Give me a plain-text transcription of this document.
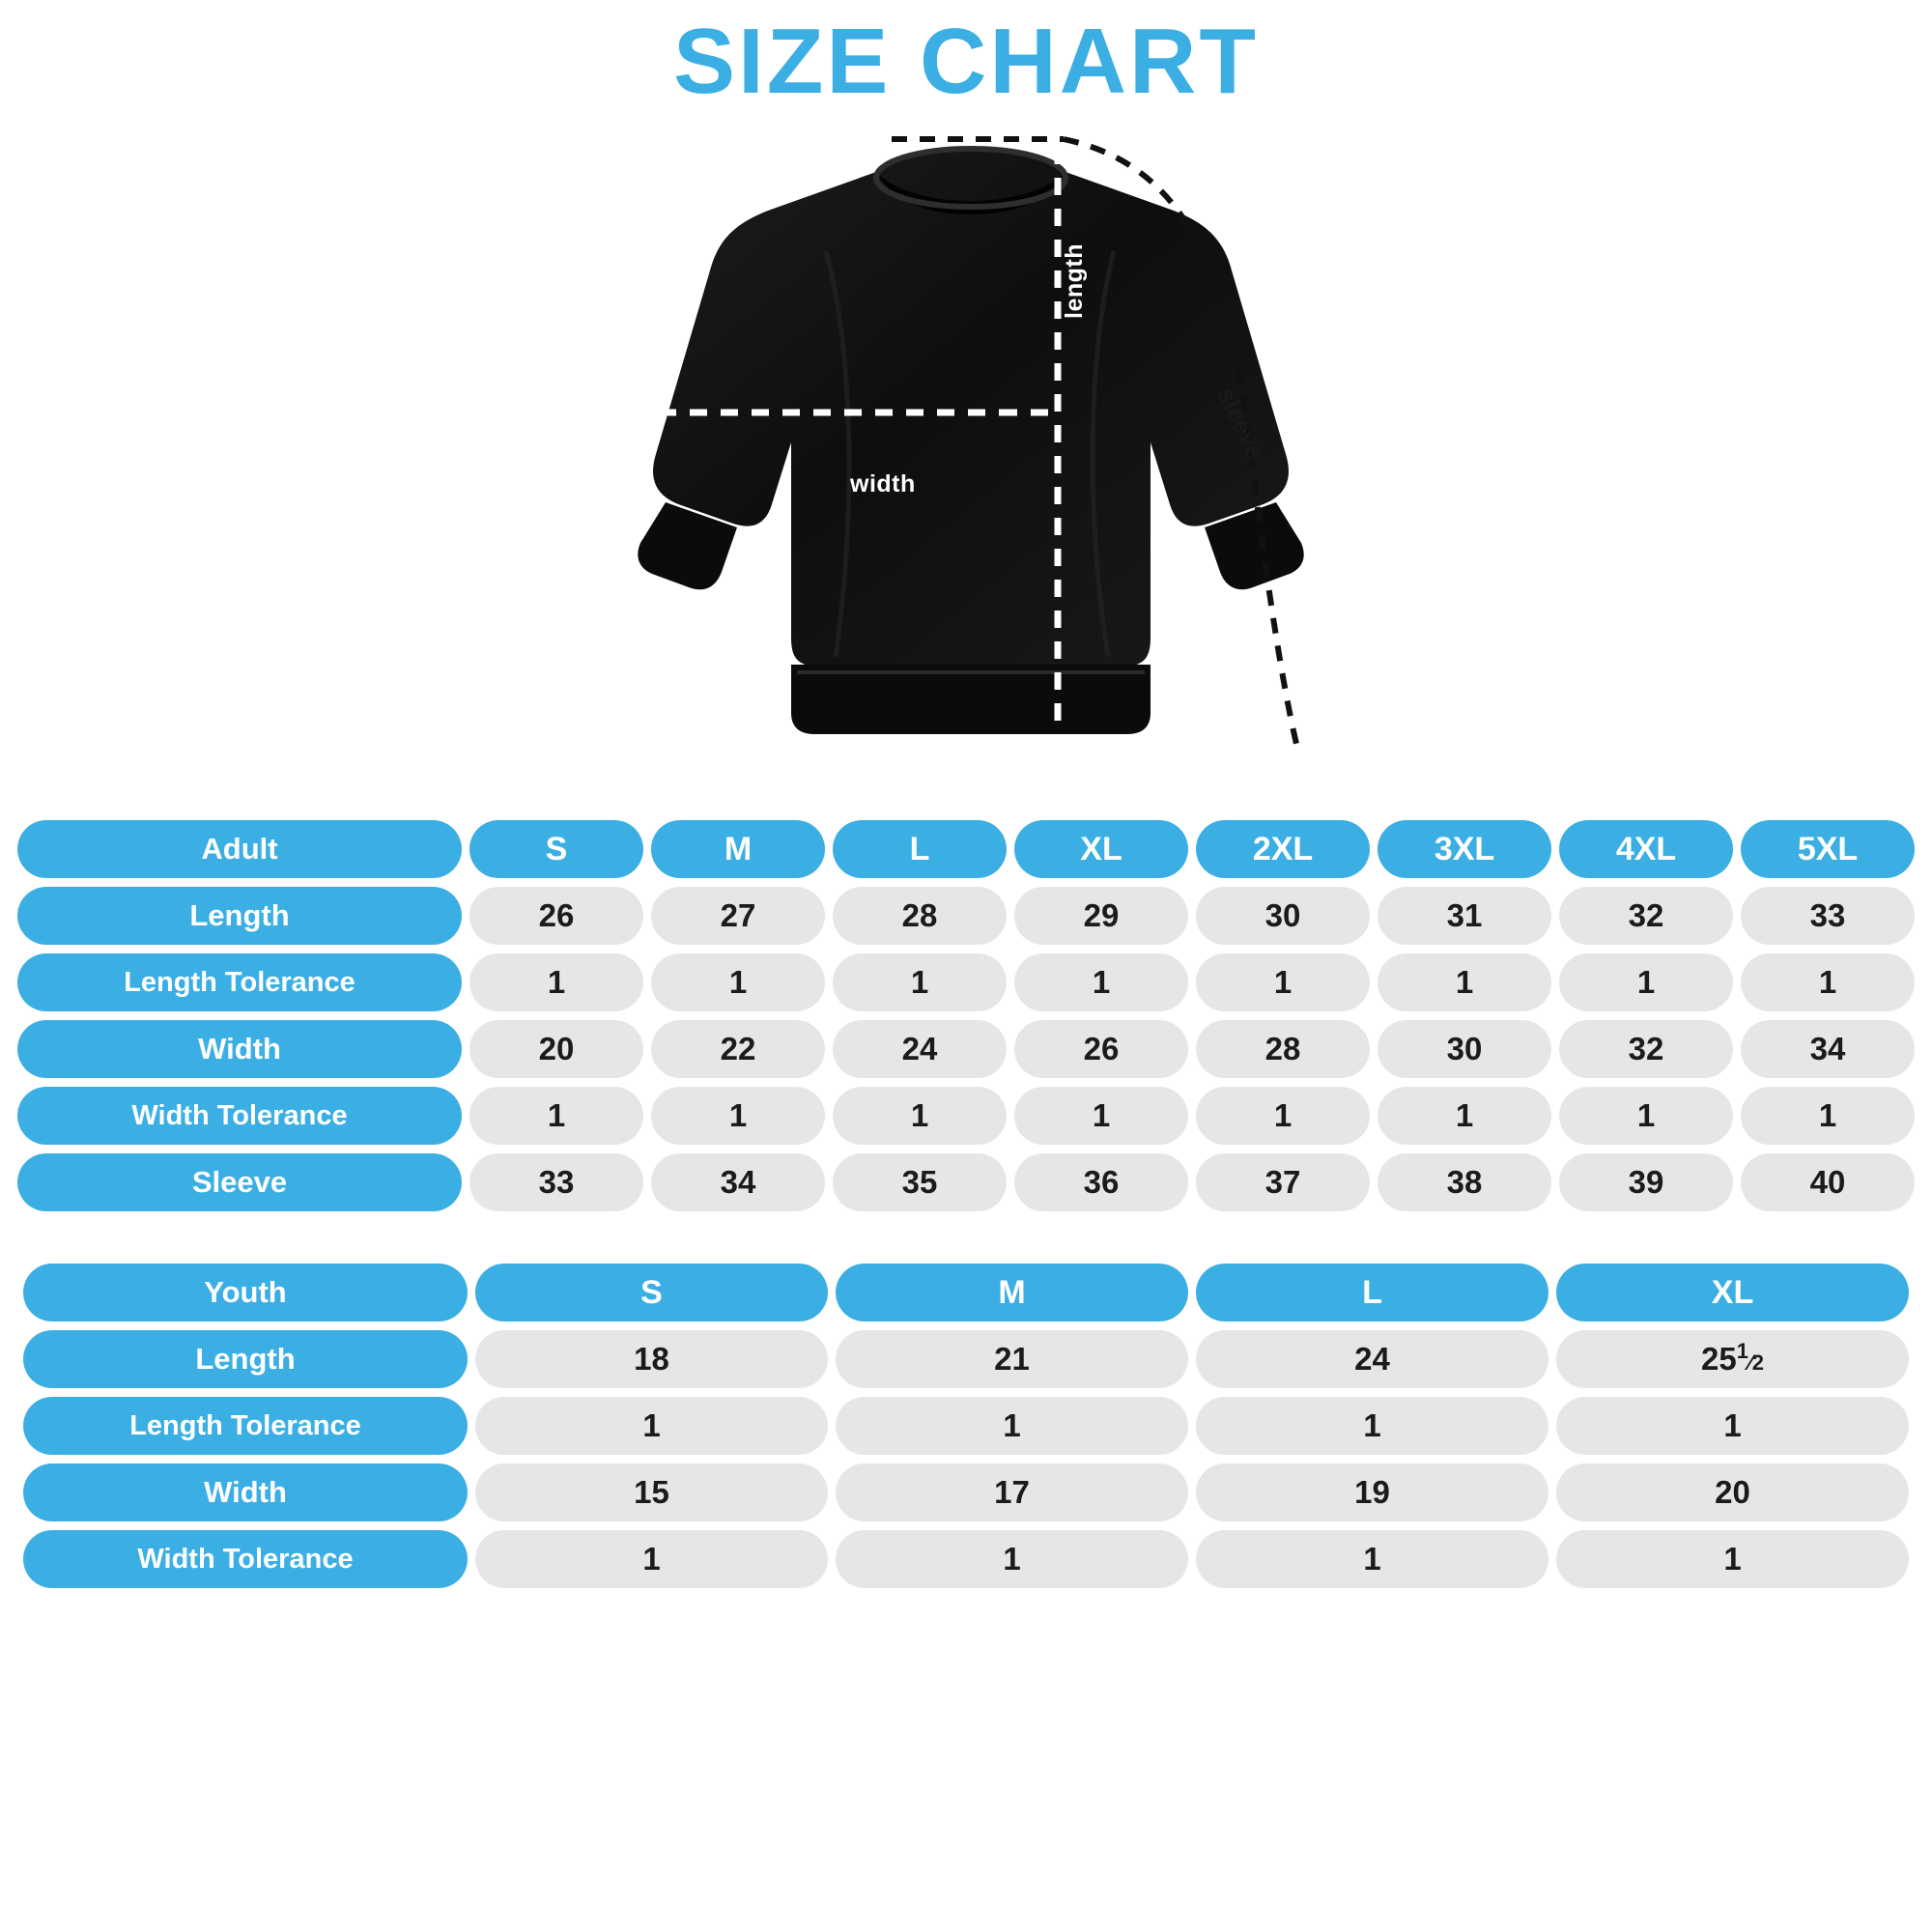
SIZE CHART
width
length
sleeve
Adult	S	M	L	XL	2XL	3XL	4XL	5XL
Length	26	27	28	29	30	31	32	33
Length Tolerance	1	1	1	1	1	1	1	1
Width	20	22	24	26	28	30	32	34
Width Tolerance	1	1	1	1	1	1	1	1
Sleeve	33	34	35	36	37	38	39	40
Youth	S	M	L	XL
Length	18	21	24	$25^1⁄2$
Length Tolerance	1	1	1	1
Width	15	17	19	20
Width Tolerance	1	1	1	1
